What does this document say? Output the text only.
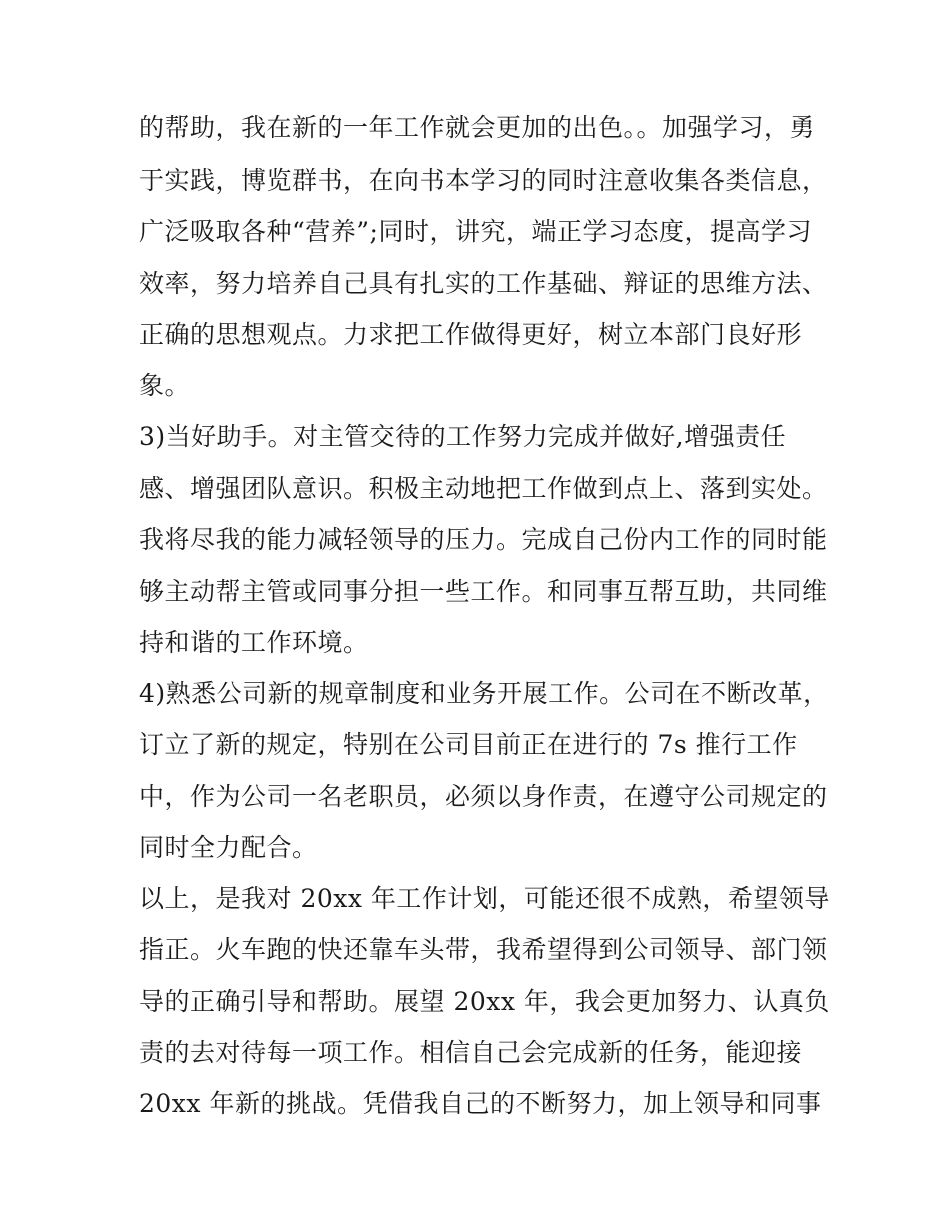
的帮助，我在新的一年工作就会更加的出色。。加强学习，勇
于实践，博览群书，在向书本学习的同时注意收集各类信息，
广泛吸取各种“营养”;同时，讲究，端正学习态度，提高学习
效率，努力培养自己具有扎实的工作基础、辩证的思维方法、
正确的思想观点。力求把工作做得更好，树立本部门良好形
象。
3)当好助手。对主管交待的工作努力完成并做好,增强责任
感、增强团队意识。积极主动地把工作做到点上、落到实处。
我将尽我的能力减轻领导的压力。完成自己份内工作的同时能
够主动帮主管或同事分担一些工作。和同事互帮互助，共同维
持和谐的工作环境。
4)熟悉公司新的规章制度和业务开展工作。公司在不断改革，
订立了新的规定，特别在公司目前正在进行的 7s 推行工作
中，作为公司一名老职员，必须以身作责，在遵守公司规定的
同时全力配合。
以上，是我对 20xx 年工作计划，可能还很不成熟，希望领导
指正。火车跑的快还靠车头带，我希望得到公司领导、部门领
导的正确引导和帮助。展望 20xx 年，我会更加努力、认真负
责的去对待每一项工作。相信自己会完成新的任务，能迎接
20xx 年新的挑战。凭借我自己的不断努力，加上领导和同事
